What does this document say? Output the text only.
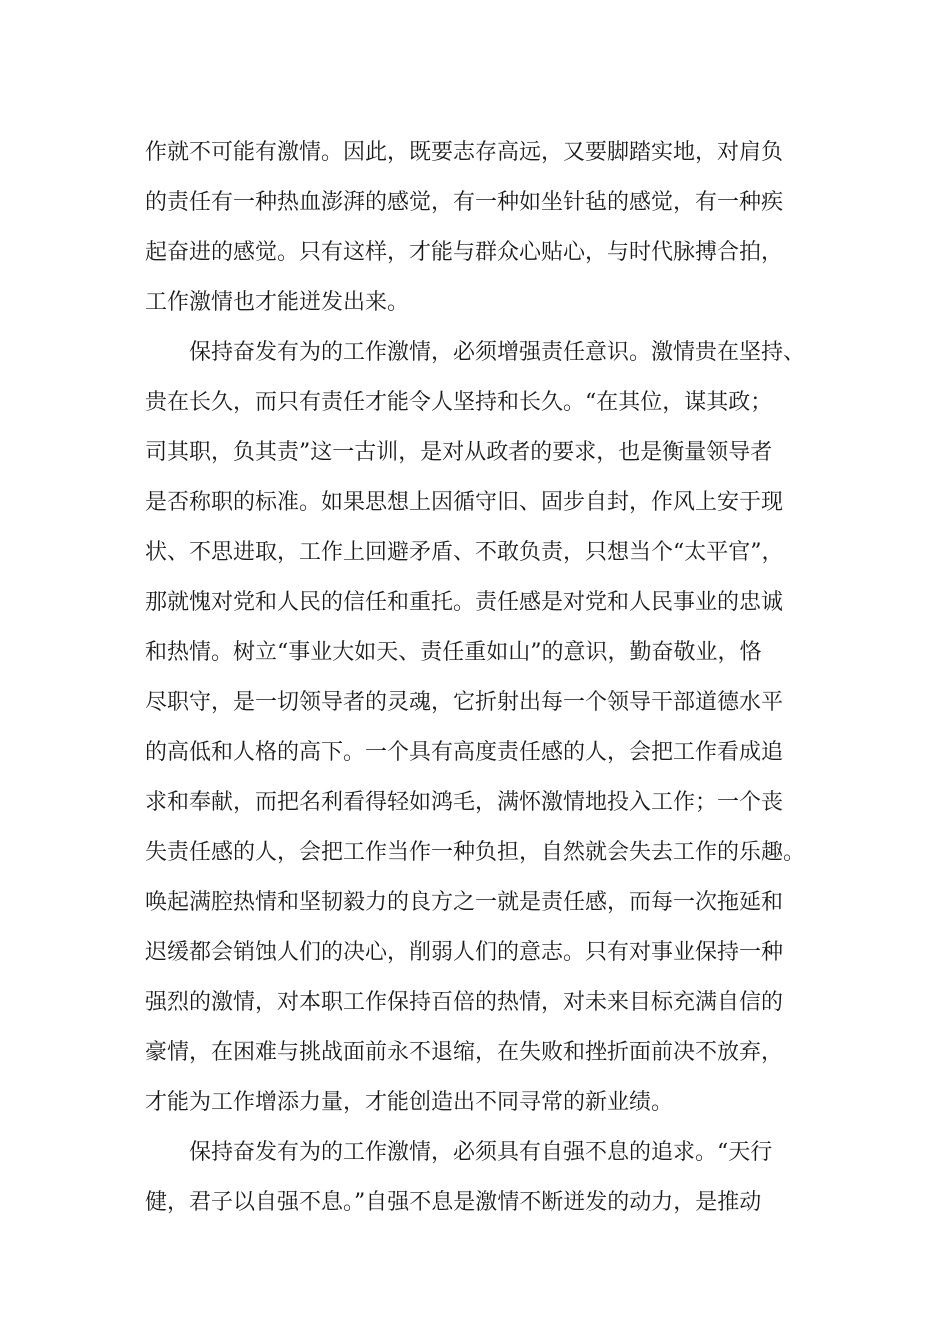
作就不可能有激情。因此，既要志存高远，又要脚踏实地，对肩负
的责任有一种热血澎湃的感觉，有一种如坐针毡的感觉，有一种疾
起奋进的感觉。只有这样，才能与群众心贴心，与时代脉搏合拍，
工作激情也才能迸发出来。
保持奋发有为的工作激情，必须增强责任意识。激情贵在坚持、
贵在长久，而只有责任才能令人坚持和长久。“在其位，谋其政；
司其职，负其责”这一古训，是对从政者的要求，也是衡量领导者
是否称职的标准。如果思想上因循守旧、固步自封，作风上安于现
状、不思进取，工作上回避矛盾、不敢负责，只想当个“太平官”，
那就愧对党和人民的信任和重托。责任感是对党和人民事业的忠诚
和热情。树立“事业大如天、责任重如山”的意识，勤奋敬业，恪
尽职守，是一切领导者的灵魂，它折射出每一个领导干部道德水平
的高低和人格的高下。一个具有高度责任感的人，会把工作看成追
求和奉献，而把名利看得轻如鸿毛，满怀激情地投入工作；一个丧
失责任感的人，会把工作当作一种负担，自然就会失去工作的乐趣。
唤起满腔热情和坚韧毅力的良方之一就是责任感，而每一次拖延和
迟缓都会销蚀人们的决心，削弱人们的意志。只有对事业保持一种
强烈的激情，对本职工作保持百倍的热情，对未来目标充满自信的
豪情，在困难与挑战面前永不退缩，在失败和挫折面前决不放弃，
才能为工作增添力量，才能创造出不同寻常的新业绩。
保持奋发有为的工作激情，必须具有自强不息的追求。“天行
健，君子以自强不息。”自强不息是激情不断迸发的动力，是推动
